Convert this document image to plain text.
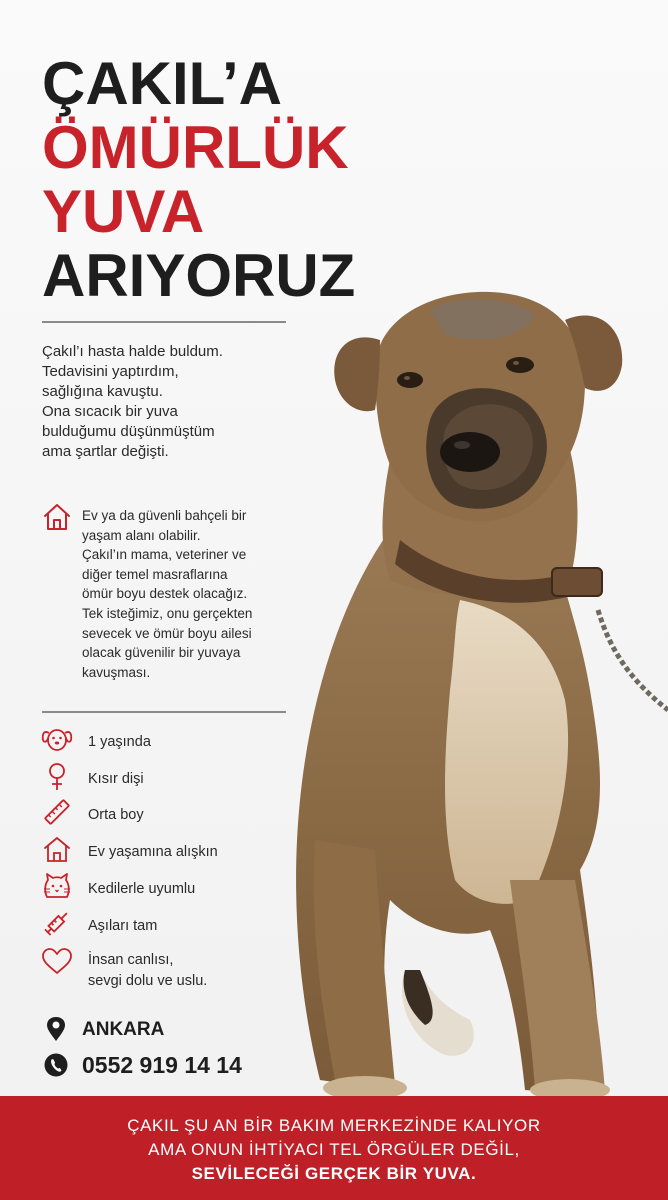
ÇAKIL’A
ÖMÜRLÜK
YUVA
ARIYORUZ
Çakıl’ı hasta halde buldum.
Tedavisini yaptırdım,
sağlığına kavuştu.
Ona sıcacık bir yuva
bulduğumu düşünmüştüm
ama şartlar değişti.
Ev ya da güvenli bahçeli bir
yaşam alanı olabilir.
Çakıl’ın mama, veteriner ve
diğer temel masraflarına
ömür boyu destek olacağız.
Tek isteğimiz, onu gerçekten
sevecek ve ömür boyu ailesi
olacak güvenilir bir yuvaya
kavuşması.
1 yaşında
Kısır dişi
Orta boy
Ev yaşamına alışkın
Kedilerle uyumlu
Aşıları tam
İnsan canlısı,
sevgi dolu ve uslu.
ANKARA
0552 919 14 14
ÇAKIL ŞU AN BİR BAKIM MERKEZİNDE KALIYOR
AMA ONUN İHTİYACI TEL ÖRGÜLER DEĞİL,
SEVİLECEĞİ GERÇEK BİR YUVA.
